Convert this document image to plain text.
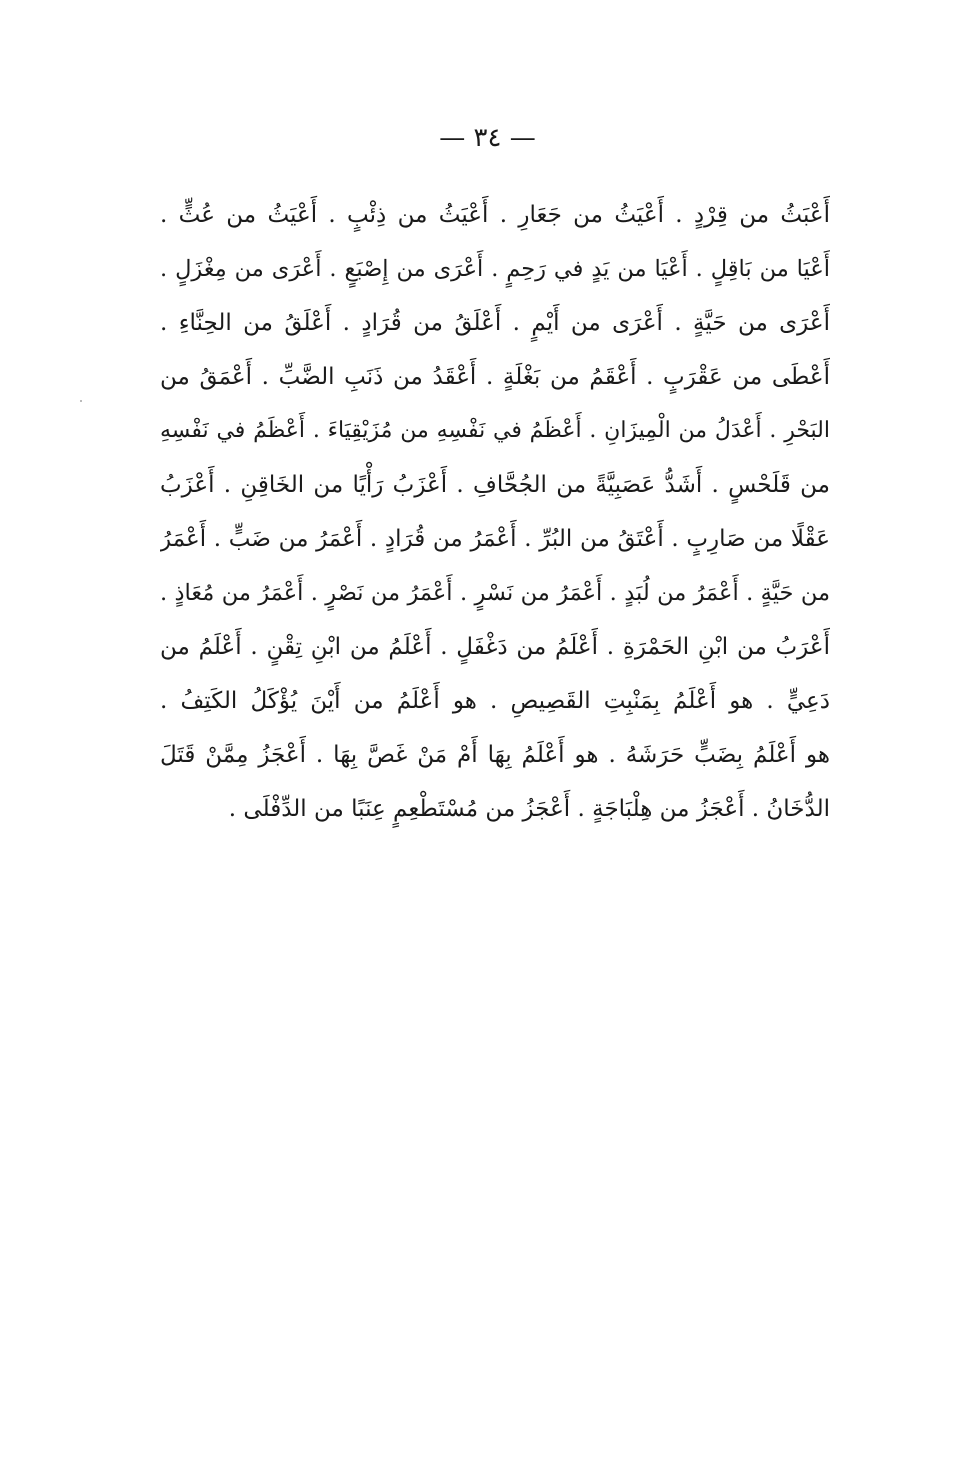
— ٣٤ —
أَعْبَثُ من قِرْدٍ . أَعْيَثُ من جَعَارِ . أَعْيَثُ من ذِئْبٍ . أَعْيَثُ من عُثٍّ .
أَعْيَا من بَاقِلٍ . أَعْيَا من يَدٍ في رَحِمٍ . أَعْرَى من إِصْبَعٍ . أَعْرَى من مِغْزَلٍ .
أَعْرَى من حَيَّةٍ . أَعْرَى من أَيْمٍ . أَعْلَقُ من قُرَادٍ . أَعْلَقُ من الحِنَّاءِ .
أَعْطَى من عَقْرَبٍ . أَعْقَمُ من بَغْلَةٍ . أَعْقَدُ من ذَنَبِ الضَّبِّ . أَعْمَقُ من
البَحْرِ . أَعْدَلُ من الْمِيزَانِ . أَعْظَمُ في نَفْسِهِ من مُزَيْقِيَاءَ . أَعْظَمُ في نَفْسِهِ
من قَلَحْسٍ . أَشَدُّ عَصَبِيَّةً من الجُحَّافِ . أَعْزَبُ رَأْيًا من الخَاقِنِ . أَعْزَبُ
عَقْلًا من صَارِبٍ . أَعْتَقُ من البُرِّ . أَعْمَرُ من قُرَادٍ . أَعْمَرُ من ضَبٍّ . أَعْمَرُ
من حَيَّةٍ . أَعْمَرُ من لُبَدٍ . أَعْمَرُ من نَسْرٍ . أَعْمَرُ من نَصْرٍ . أَعْمَرُ من مُعَاذٍ .
أَعْرَبُ من ابْنِ الحَمْرَةِ . أَعْلَمُ من دَغْفَلٍ . أَعْلَمُ من ابْنِ تِقْنٍ . أَعْلَمُ من
دَعِيٍّ . هو أَعْلَمُ بِمَنْبِتِ القَصِيصِ . هو أَعْلَمُ من أَيْنَ يُؤْكَلُ الكَتِفُ .
هو أَعْلَمُ بِضَبٍّ حَرَشَهُ . هو أَعْلَمُ بِهَا أَمْ مَنْ غَصَّ بِهَا . أَعْجَزُ مِمَّنْ قَتَلَ
الدُّخَانُ . أَعْجَزُ من هِلْبَاجَةٍ . أَعْجَزُ من مُسْتَطْعِمٍ عِنَبًا من الدِّفْلَى .
